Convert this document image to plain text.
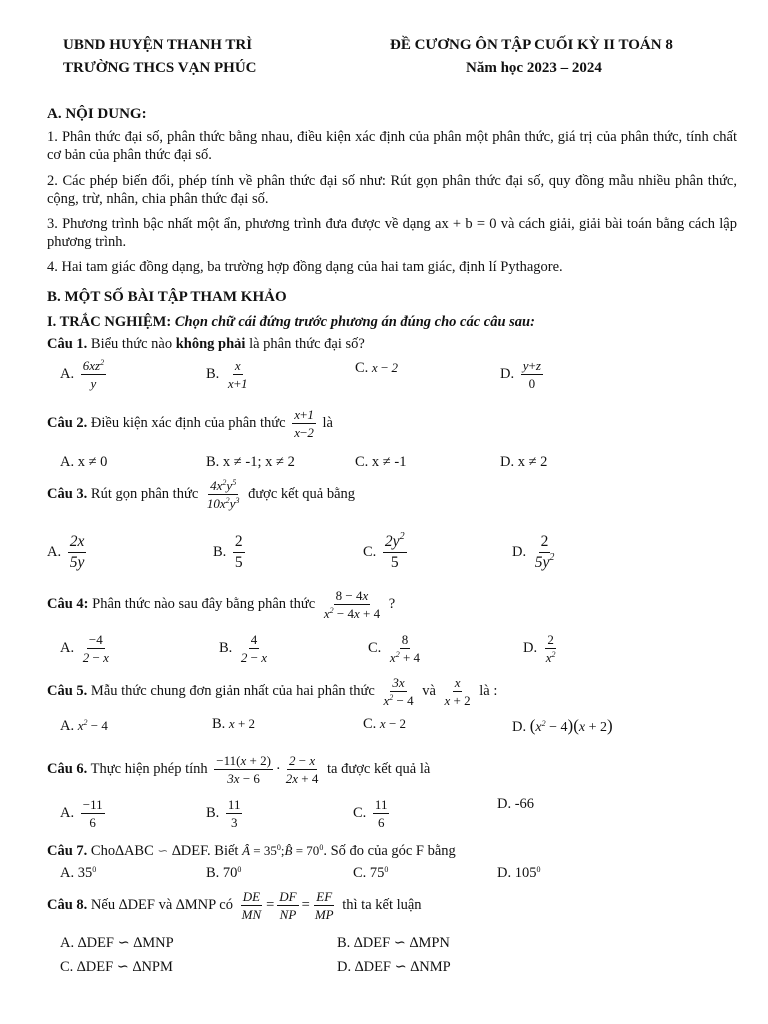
UBND HUYỆN THANH TRÌ
TRƯỜNG THCS VẠN PHÚC
ĐỀ CƯƠNG ÔN TẬP CUỐI KỲ II TOÁN 8
Năm học 2023 – 2024
A. NỘI DUNG:
1. Phân thức đại số, phân thức bằng nhau, điều kiện xác định của phân một phân thức, giá trị của phân thức, tính chất cơ bản của phân thức đại số.
2. Các phép biến đổi, phép tính về phân thức đại số như: Rút gọn phân thức đại số, quy đồng mẫu nhiều phân thức, cộng, trừ, nhân, chia phân thức đại số.
3. Phương trình bậc nhất một ẩn, phương trình đưa được về dạng ax + b = 0 và cách giải, giải bài toán bằng cách lập phương trình.
4. Hai tam giác đồng dạng, ba trường hợp đồng dạng của hai tam giác, định lí Pythagore.
B. MỘT SỐ BÀI TẬP THAM KHẢO
I. TRẮC NGHIỆM: Chọn chữ cái đứng trước phương án đúng cho các câu sau:
Câu 1. Biểu thức nào không phải là phân thức đại số?
A. $\frac{6xz^2}{y}$	B. $\frac{x}{x+1}$	C. x − 2	D. $\frac{y+z}{0}$
Câu 2. Điều kiện xác định của phân thức $\frac{x+1}{x-2}$ là
A. x ≠ 0	B. x ≠ -1; x ≠ 2	C. x ≠ -1	D. x ≠ 2
Câu 3. Rút gọn phân thức $\frac{4x^2y^5}{10x^2y^3}$ được kết quả bằng
A. $\frac{2x}{5y}$	B. $\frac{2}{5}$	C. $\frac{2y^2}{5}$	D. $\frac{2}{5y^2}$
Câu 4: Phân thức nào sau đây bằng phân thức $\frac{8 - 4x}{x^2 - 4x + 4}$ ?
A. $\frac{-4}{2 - x}$	B. $\frac{4}{2 - x}$	C. $\frac{8}{x^2 + 4}$	D. $\frac{2}{x^2}$
Câu 5. Mẫu thức chung đơn giản nhất của hai phân thức $\frac{3x}{x^2 - 4}$ và $\frac{x}{x + 2}$ là :
A. $x^2 - 4$	B. x + 2	C. x − 2	D. $(x^2 - 4)(x + 2)$
Câu 6. Thực hiện phép tính $\frac{-11(x + 2)}{3x - 6} \cdot \frac{2 - x}{2x + 4}$ ta được kết quả là
A. $\frac{-11}{6}$	B. $\frac{11}{3}$	C. $\frac{11}{6}$	D. -66
Câu 7. Cho∆ABC ∽ ∆DEF. Biết Â = $35^0;B̂ = 70^0$. Số đo của góc F bằng
A. $35^0$	B. $70^0$	C. $75^0$	D. $105^0$
Câu 8. Nếu ∆DEF và ∆MNP có $\frac{DE}{MN} = \frac{DF}{NP} = \frac{EF}{MP}$ thì ta kết luận
A. ∆DEF ∽ ∆MNP	B. ∆DEF ∽ ∆MPN
C. ∆DEF ∽ ∆NPM	D. ∆DEF ∽ ∆NMP
